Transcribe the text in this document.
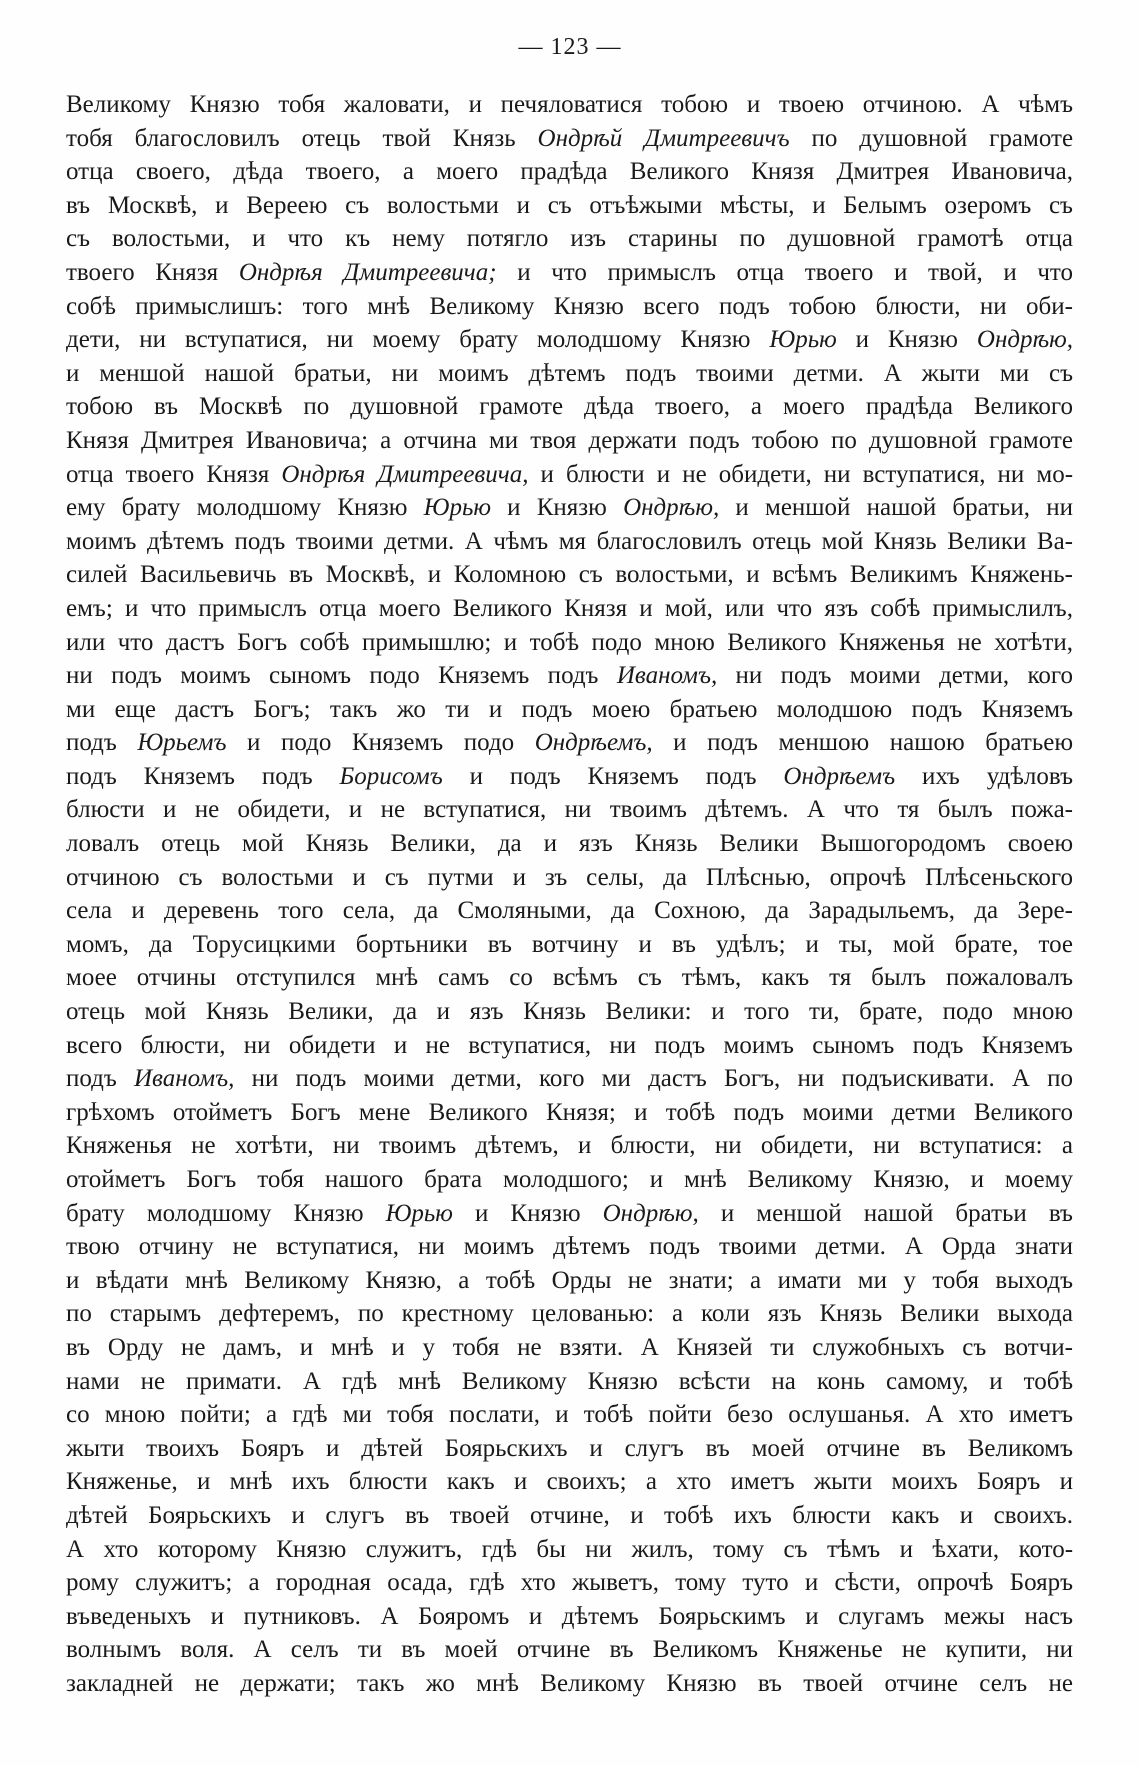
— 123 —
Великому Князю тобя жаловати, и печяловатися тобою и твоею отчиною. А чѣмъ
тобя благословилъ отець твой Князь Ондрѣй Дмитреевичъ по душовной грамоте
отца своего, дѣда твоего, а моего прадѣда Великого Князя Дмитрея Ивановича,
въ Москвѣ, и Вереею съ волостьми и съ отъѣжыми мѣсты, и Белымъ озеромъ съ
съ волостьми, и что къ нему потягло изъ старины по душовной грамотѣ отца
твоего Князя Ондрѣя Дмитреевича; и что примыслъ отца твоего и твой, и что
собѣ примыслишъ: того мнѣ Великому Князю всего подъ тобою блюсти, ни оби-
дети, ни вступатися, ни моему брату молодшому Князю Юрью и Князю Ондрѣю,
и меншой нашой братьи, ни моимъ дѣтемъ подъ твоими детми. А жыти ми съ
тобою въ Москвѣ по душовной грамоте дѣда твоего, а моего прадѣда Великого
Князя Дмитрея Ивановича; а отчина ми твоя держати подъ тобою по душовной грамоте
отца твоего Князя Ондрѣя Дмитреевича, и блюсти и не обидети, ни вступатися, ни мо-
ему брату молодшому Князю Юрью и Князю Ондрѣю, и меншой нашой братьи, ни
моимъ дѣтемъ подъ твоими детми. А чѣмъ мя благословилъ отець мой Князь Велики Ва-
силей Васильевичь въ Москвѣ, и Коломною съ волостьми, и всѣмъ Великимъ Княжень-
емъ; и что примыслъ отца моего Великого Князя и мой, или что язъ собѣ примыслилъ,
или что дастъ Богъ собѣ примышлю; и тобѣ подо мною Великого Княженья не хотѣти,
ни подъ моимъ сыномъ подо Княземъ подъ Иваномъ, ни подъ моими детми, кого
ми еще дастъ Богъ; такъ жо ти и подъ моею братьею молодшою подъ Княземъ
подъ Юрьемъ и подо Княземъ подо Ондрѣемъ, и подъ меншою нашою братьею
подъ Княземъ подъ Борисомъ и подъ Княземъ подъ Ондрѣемъ ихъ удѣловъ
блюсти и не обидети, и не вступатися, ни твоимъ дѣтемъ. А что тя былъ пожа-
ловалъ отець мой Князь Велики, да и язъ Князь Велики Вышогородомъ своею
отчиною съ волостьми и съ путми и зъ селы, да Плѣснью, опрочѣ Плѣсеньского
села и деревень того села, да Смоляными, да Сохною, да Зарадыльемъ, да Зере-
момъ, да Торусицкими бортьники въ вотчину и въ удѣлъ; и ты, мой брате, тое
моее отчины отступился мнѣ самъ со всѣмъ съ тѣмъ, какъ тя былъ пожаловалъ
отець мой Князь Велики, да и язъ Князь Велики: и того ти, брате, подо мною
всего блюсти, ни обидети и не вступатися, ни подъ моимъ сыномъ подъ Княземъ
подъ Иваномъ, ни подъ моими детми, кого ми дастъ Богъ, ни подъискивати. А по
грѣхомъ отойметъ Богъ мене Великого Князя; и тобѣ подъ моими детми Великого
Княженья не хотѣти, ни твоимъ дѣтемъ, и блюсти, ни обидети, ни вступатися: а
отойметъ Богъ тобя нашого брата молодшого; и мнѣ Великому Князю, и моему
брату молодшому Князю Юрью и Князю Ондрѣю, и меншой нашой братьи въ
твою отчину не вступатися, ни моимъ дѣтемъ подъ твоими детми. А Орда знати
и вѣдати мнѣ Великому Князю, а тобѣ Орды не знати; а имати ми у тобя выходъ
по старымъ дефтеремъ, по крестному целованью: а коли язъ Князь Велики выхода
въ Орду не дамъ, и мнѣ и у тобя не взяти. А Князей ти служобныхъ съ вотчи-
нами не примати. А гдѣ мнѣ Великому Князю всѣсти на конь самому, и тобѣ
со мною пойти; а гдѣ ми тобя послати, и тобѣ пойти безо ослушанья. А хто иметъ
жыти твоихъ Бояръ и дѣтей Боярьскихъ и слугъ въ моей отчине въ Великомъ
Княженье, и мнѣ ихъ блюсти какъ и своихъ; а хто иметъ жыти моихъ Бояръ и
дѣтей Боярьскихъ и слугъ въ твоей отчине, и тобѣ ихъ блюсти какъ и своихъ.
А хто которому Князю служитъ, гдѣ бы ни жилъ, тому съ тѣмъ и ѣхати, кото-
рому служитъ; а городная осада, гдѣ хто жыветъ, тому туто и сѣсти, опрочѣ Бояръ
въведеныхъ и путниковъ. А Бояромъ и дѣтемъ Боярьскимъ и слугамъ межы насъ
волнымъ воля. А селъ ти въ моей отчине въ Великомъ Княженье не купити, ни
закладней не держати; такъ жо мнѣ Великому Князю въ твоей отчине селъ не
